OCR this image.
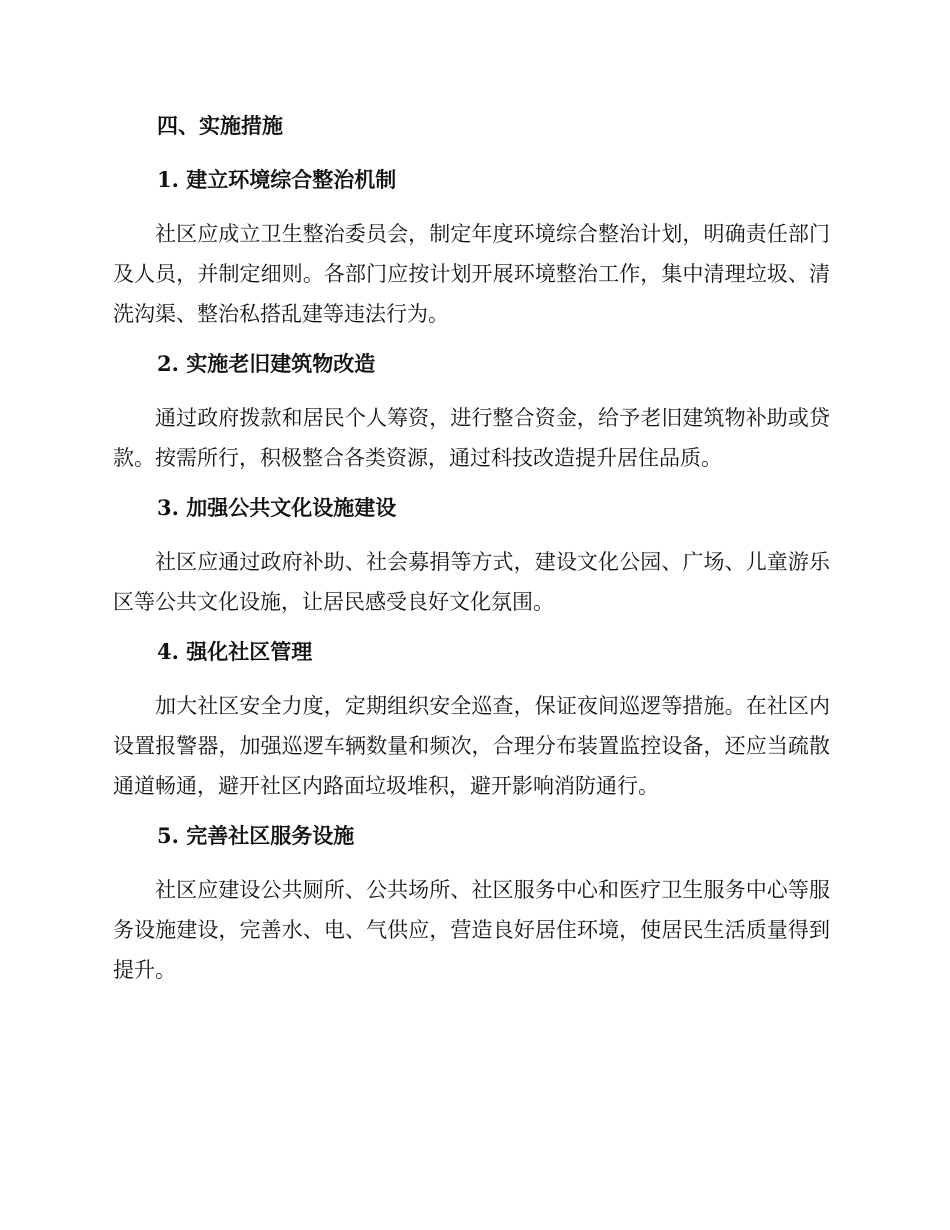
四、实施措施
1. 建立环境综合整治机制

社区应成立卫生整治委员会，制定年度环境综合整治计划，明确责任部门及人员，并制定细则。各部门应按计划开展环境整治工作，集中清理垃圾、清洗沟渠、整治私搭乱建等违法行为。

2. 实施老旧建筑物改造

通过政府拨款和居民个人筹资，进行整合资金，给予老旧建筑物补助或贷款。按需所行，积极整合各类资源，通过科技改造提升居住品质。

3. 加强公共文化设施建设

社区应通过政府补助、社会募捐等方式，建设文化公园、广场、儿童游乐区等公共文化设施，让居民感受良好文化氛围。

4. 强化社区管理

加大社区安全力度，定期组织安全巡查，保证夜间巡逻等措施。在社区内设置报警器，加强巡逻车辆数量和频次，合理分布装置监控设备，还应当疏散通道畅通，避开社区内路面垃圾堆积，避开影响消防通行。

5. 完善社区服务设施

社区应建设公共厕所、公共场所、社区服务中心和医疗卫生服务中心等服务设施建设，完善水、电、气供应，营造良好居住环境，使居民生活质量得到提升。
